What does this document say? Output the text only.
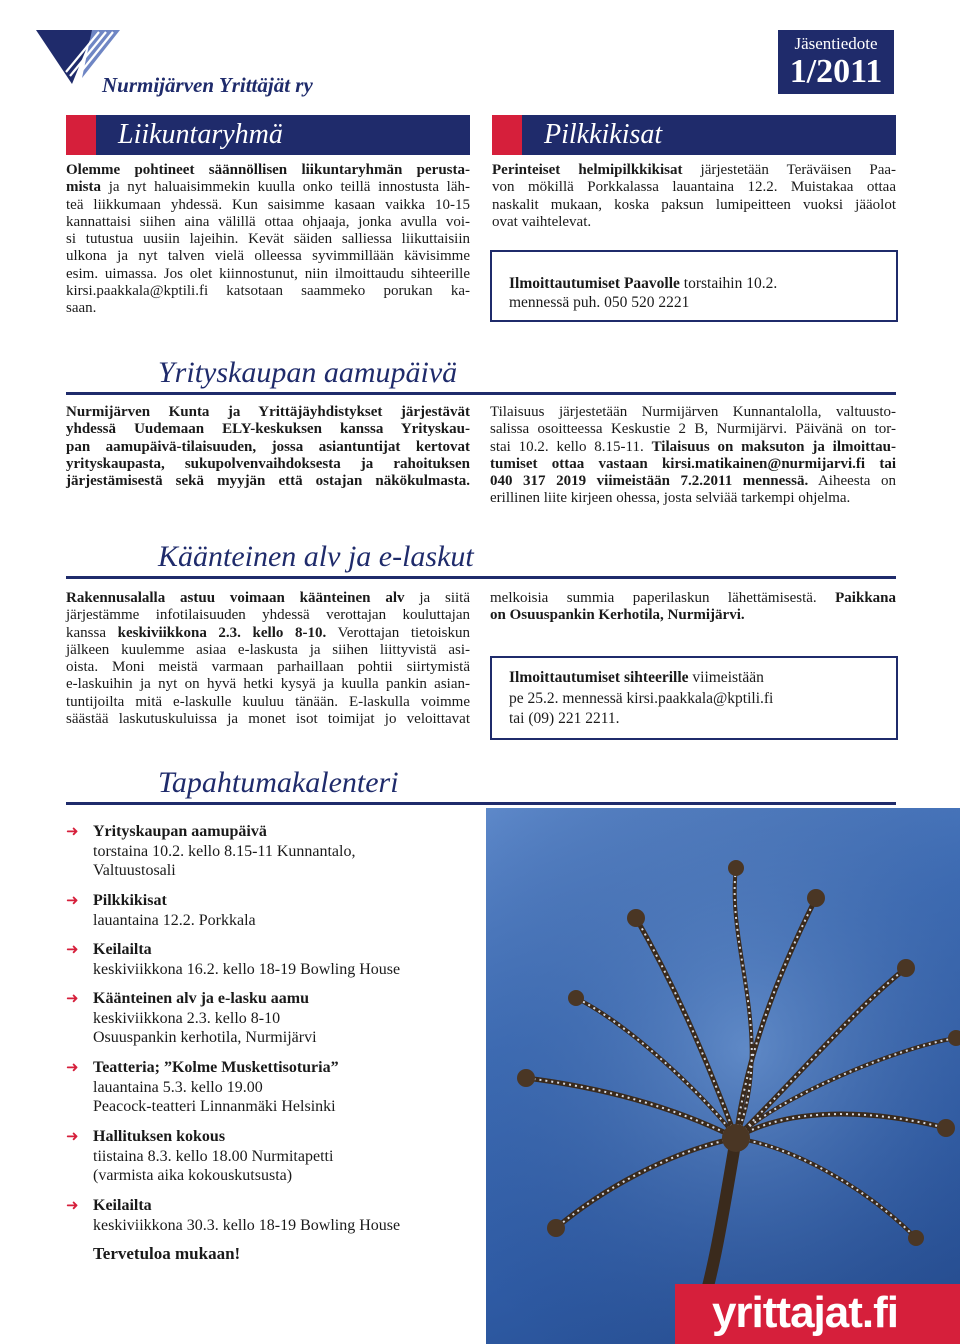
Nurmijärven Yrittäjät ry
Jäsentiedote
1/2011
Liikuntaryhmä
Olemme pohtineet säännöllisen liikuntaryhmän perusta-
mista ja nyt haluaisimmekin kuulla onko teillä innostusta läh-
teä liikkumaan yhdessä. Kun saisimme kasaan vaikka 10-15
kannattaisi siihen aina välillä ottaa ohjaaja, jonka avulla voi-
si tutustua uusiin lajeihin. Kevät säiden salliessa liikuttaisiin
ulkona ja nyt talven vielä olleessa syvimmillään kävisimme
esim. uimassa. Jos olet kiinnostunut, niin ilmoittaudu sihteerille
kirsi.paakkala@kptili.fi katsotaan saammeko porukan ka-
saan.
Pilkkikisat
Perinteiset helmipilkkikisat järjestetään Teräväisen Paa-
von mökillä Porkkalassa lauantaina 12.2. Muistakaa ottaa
naskalit mukaan, koska paksun lumipeitteen vuoksi jääolot
ovat vaihtelevat.
Ilmoittautumiset Paavolle torstaihin 10.2.
mennessä puh. 050 520 2221
Yrityskaupan aamupäivä
Nurmijärven Kunta ja Yrittäjäyhdistykset järjestävät
yhdessä Uudemaan ELY-keskuksen kanssa Yrityskau-
pan aamupäivä-tilaisuuden, jossa asiantuntijat kertovat
yrityskaupasta, sukupolvenvaihdoksesta ja rahoituksen
järjestämisestä sekä myyjän että ostajan näkökulmasta.
Tilaisuus järjestetään Nurmijärven Kunnantalolla, valtuusto-
salissa osoitteessa Keskustie 2 B, Nurmijärvi. Päivänä on tor-
stai 10.2. kello 8.15-11. Tilaisuus on maksuton ja ilmoittau-
tumiset ottaa vastaan kirsi.matikainen@nurmijarvi.fi tai
040 317 2019 viimeistään 7.2.2011 mennessä. Aiheesta on
erillinen liite kirjeen ohessa, josta selviää tarkempi ohjelma.
Käänteinen alv ja e-laskut
Rakennusalalla astuu voimaan käänteinen alv ja siitä
järjestämme infotilaisuuden yhdessä verottajan kouluttajan
kanssa keskiviikkona 2.3. kello 8-10. Verottajan tietoiskun
jälkeen kuulemme asiaa e-laskusta ja siihen liittyvistä asi-
oista. Moni meistä varmaan parhaillaan pohtii siirtymistä
e-laskuihin ja nyt on hyvä hetki kysyä ja kuulla pankin asian-
tuntijoilta mitä e-laskulle kuuluu tänään. E-laskulla voimme
säästää laskutuskuluissa ja monet isot toimijat jo veloittavat
melkoisia summia paperilaskun lähettämisestä. Paikkana
on Osuuspankin Kerhotila, Nurmijärvi.
Ilmoittautumiset sihteerille viimeistään
pe 25.2. mennessä kirsi.paakkala@kptili.fi
tai (09) 221 2211.
Tapahtumakalenteri
➜ Yrityskaupan aamupäivä
torstaina 10.2. kello 8.15-11 Kunnantalo,
Valtuustosali
➜ Pilkkikisat
lauantaina 12.2. Porkkala
➜ Keilailta
keskiviikkona 16.2. kello 18-19 Bowling House
➜ Käänteinen alv ja e-lasku aamu
keskiviikkona 2.3. kello 8-10
Osuuspankin kerhotila, Nurmijärvi
➜ Teatteria; ”Kolme Muskettisoturia”
lauantaina 5.3. kello 19.00
Peacock-teatteri Linnanmäki Helsinki
➜ Hallituksen kokous
tiistaina 8.3. kello 18.00 Nurmitapetti
(varmista aika kokouskutsusta)
➜ Keilailta
keskiviikkona 30.3. kello 18-19 Bowling House
Tervetuloa mukaan!
yrittajat.fi
